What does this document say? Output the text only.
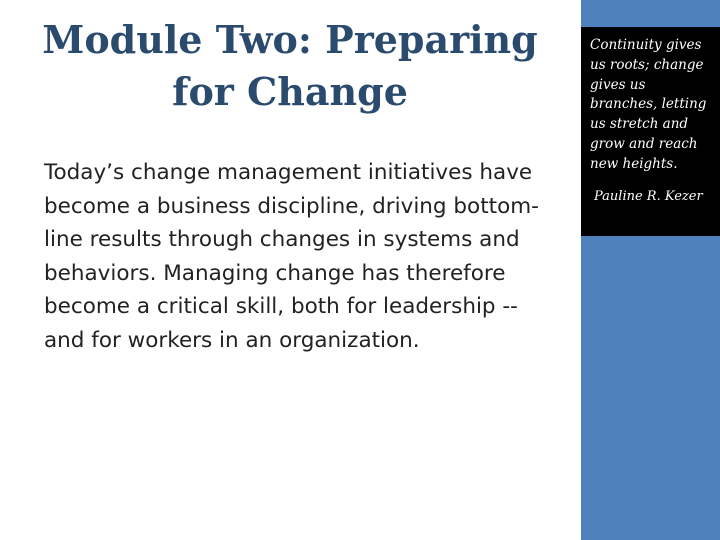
Module Two: Preparing for Change

Today’s change management initiatives have become a business discipline, driving bottom-line results through changes in systems and behaviors. Managing change has therefore become a critical skill, both for leadership -- and for workers in an organization.

Continuity gives us roots; change gives us branches, letting us stretch and grow and reach new heights.

Pauline R. Kezer
